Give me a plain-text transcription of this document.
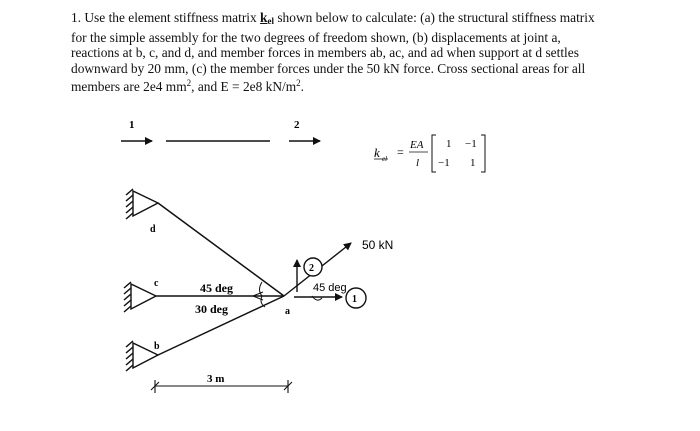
1. Use the element stiffness matrix $k_{el}$ shown below to calculate: (a) the structural stiffness matrix
for the simple assembly for the two degrees of freedom shown, (b) displacements at joint a,
reactions at b, c, and d, and member forces in members ab, ac, and ad when support at d settles
downward by 20 mm, (c) the member forces under the 50 kN force. Cross sectional areas for all
members are 2e4 $mm^2$, and E = 2e8 $kN/m^2$.
1	2
k el = EA
l
1 −1
−1 1
d
c
b
a
45 deg
30 deg
50 kN
2
1
45 deg
3 m
